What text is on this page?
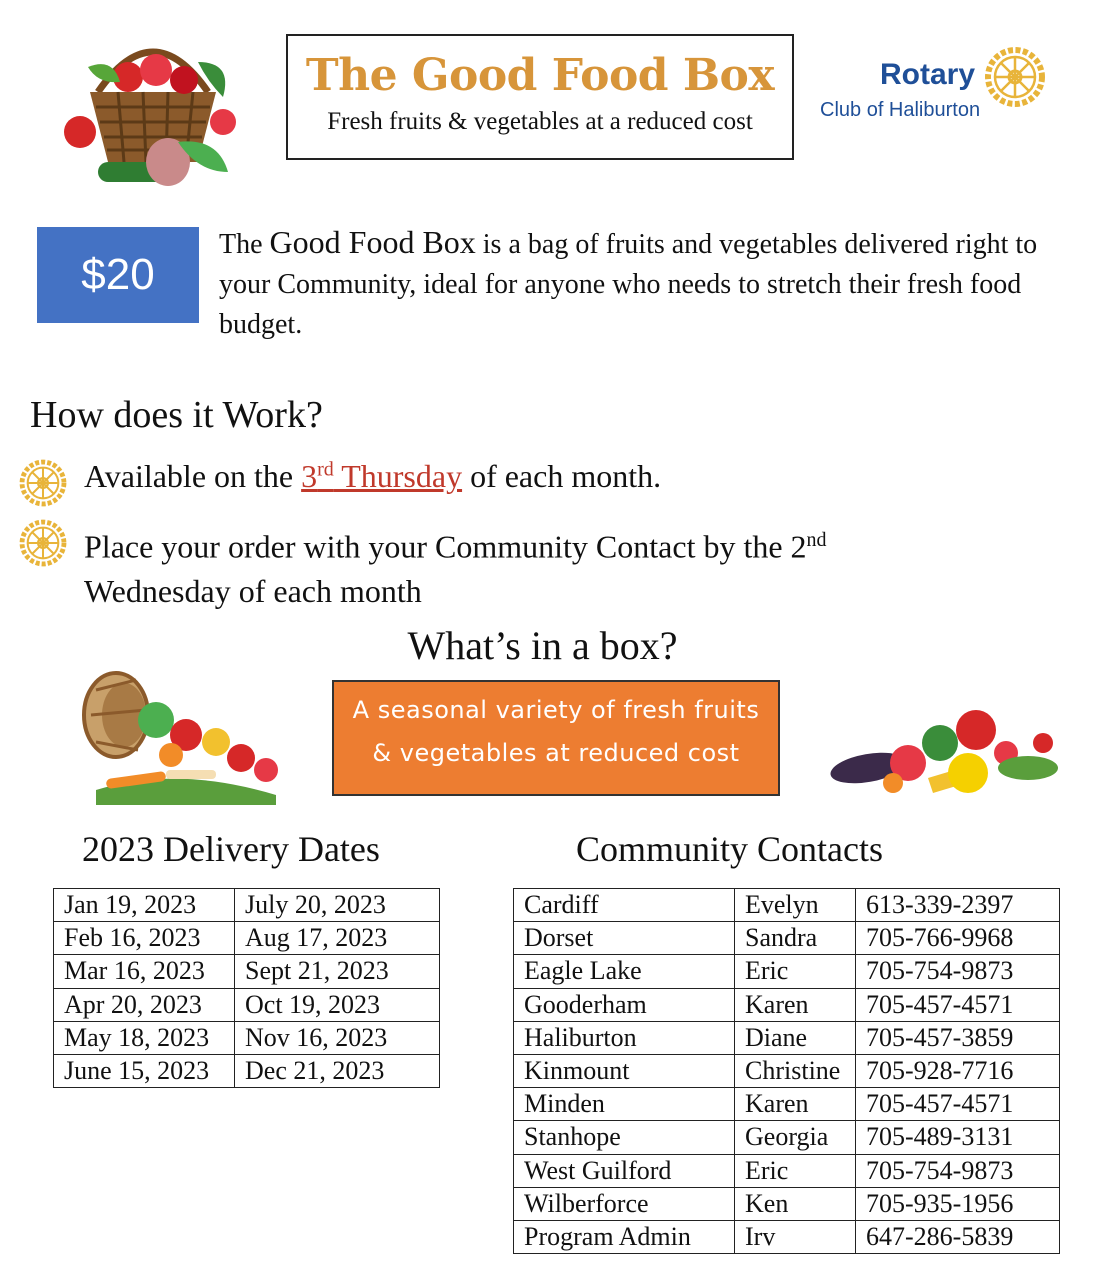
The Good Food Box
Fresh fruits & vegetables at a reduced cost
Rotary
Club of Haliburton
$20
The Good Food Box is a bag of fruits and vegetables delivered right to your Community, ideal for anyone who needs to stretch their fresh food budget.
How does it Work?
Available on the 3rd Thursday of each month.
Place your order with your Community Contact by the 2nd
Wednesday of each month
What’s in a box?
A seasonal variety of fresh fruits
& vegetables at reduced cost
2023 Delivery Dates	Community Contacts
Jan 19, 2023	July 20, 2023
Feb 16, 2023	Aug 17, 2023
Mar 16, 2023	Sept 21, 2023
Apr 20, 2023	Oct 19, 2023
May 18, 2023	Nov 16, 2023
June 15, 2023	Dec 21, 2023
Cardiff	Evelyn	613-339-2397
Dorset	Sandra	705-766-9968
Eagle Lake	Eric	705-754-9873
Gooderham	Karen	705-457-4571
Haliburton	Diane	705-457-3859
Kinmount	Christine	705-928-7716
Minden	Karen	705-457-4571
Stanhope	Georgia	705-489-3131
West Guilford	Eric	705-754-9873
Wilberforce	Ken	705-935-1956
Program Admin	Irv	647-286-5839
